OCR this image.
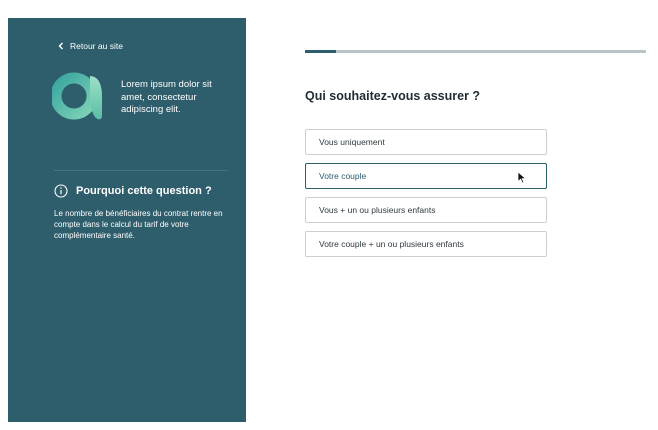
Retour au site
Lorem ipsum dolor sit amet, consectetur adipiscing elit.
Pourquoi cette question ?
Le nombre de bénéficiaires du contrat rentre en compte dans le calcul du tarif de votre complémentaire santé.
Qui souhaitez-vous assurer ?
Vous uniquement
Votre couple
Vous + un ou plusieurs enfants
Votre couple + un ou plusieurs enfants
